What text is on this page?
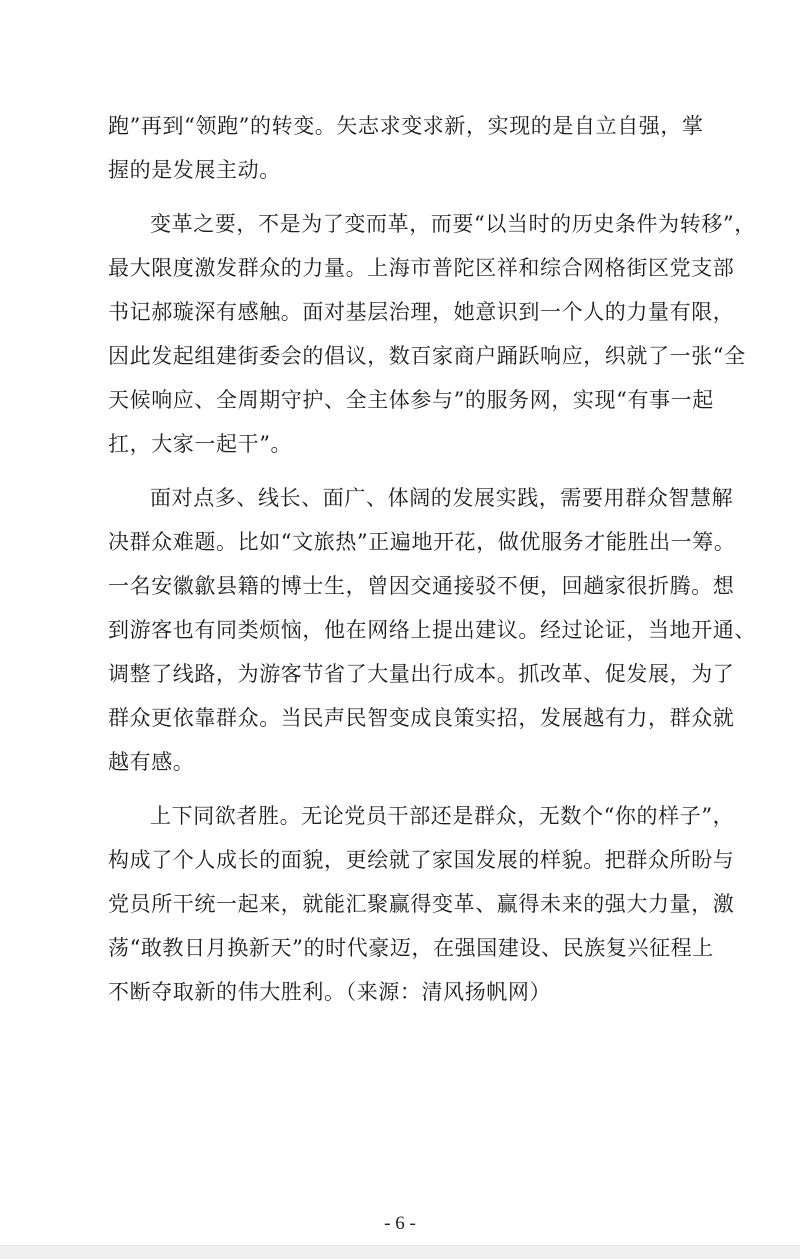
跑”再到“领跑”的转变。矢志求变求新，实现的是自立自强，掌
握的是发展主动。
变革之要，不是为了变而革，而要“以当时的历史条件为转移”，
最大限度激发群众的力量。上海市普陀区祥和综合网格街区党支部
书记郝璇深有感触。面对基层治理，她意识到一个人的力量有限，
因此发起组建街委会的倡议，数百家商户踊跃响应，织就了一张“全
天候响应、全周期守护、全主体参与”的服务网，实现“有事一起
扛，大家一起干”。
面对点多、线长、面广、体阔的发展实践，需要用群众智慧解
决群众难题。比如“文旅热”正遍地开花，做优服务才能胜出一筹。
一名安徽歙县籍的博士生，曾因交通接驳不便，回趟家很折腾。想
到游客也有同类烦恼，他在网络上提出建议。经过论证，当地开通、
调整了线路，为游客节省了大量出行成本。抓改革、促发展，为了
群众更依靠群众。当民声民智变成良策实招，发展越有力，群众就
越有感。
上下同欲者胜。无论党员干部还是群众，无数个“你的样子”，
构成了个人成长的面貌，更绘就了家国发展的样貌。把群众所盼与
党员所干统一起来，就能汇聚赢得变革、赢得未来的强大力量，激
荡“敢教日月换新天”的时代豪迈，在强国建设、民族复兴征程上
不断夺取新的伟大胜利。（来源：清风扬帆网）
- 6 -
